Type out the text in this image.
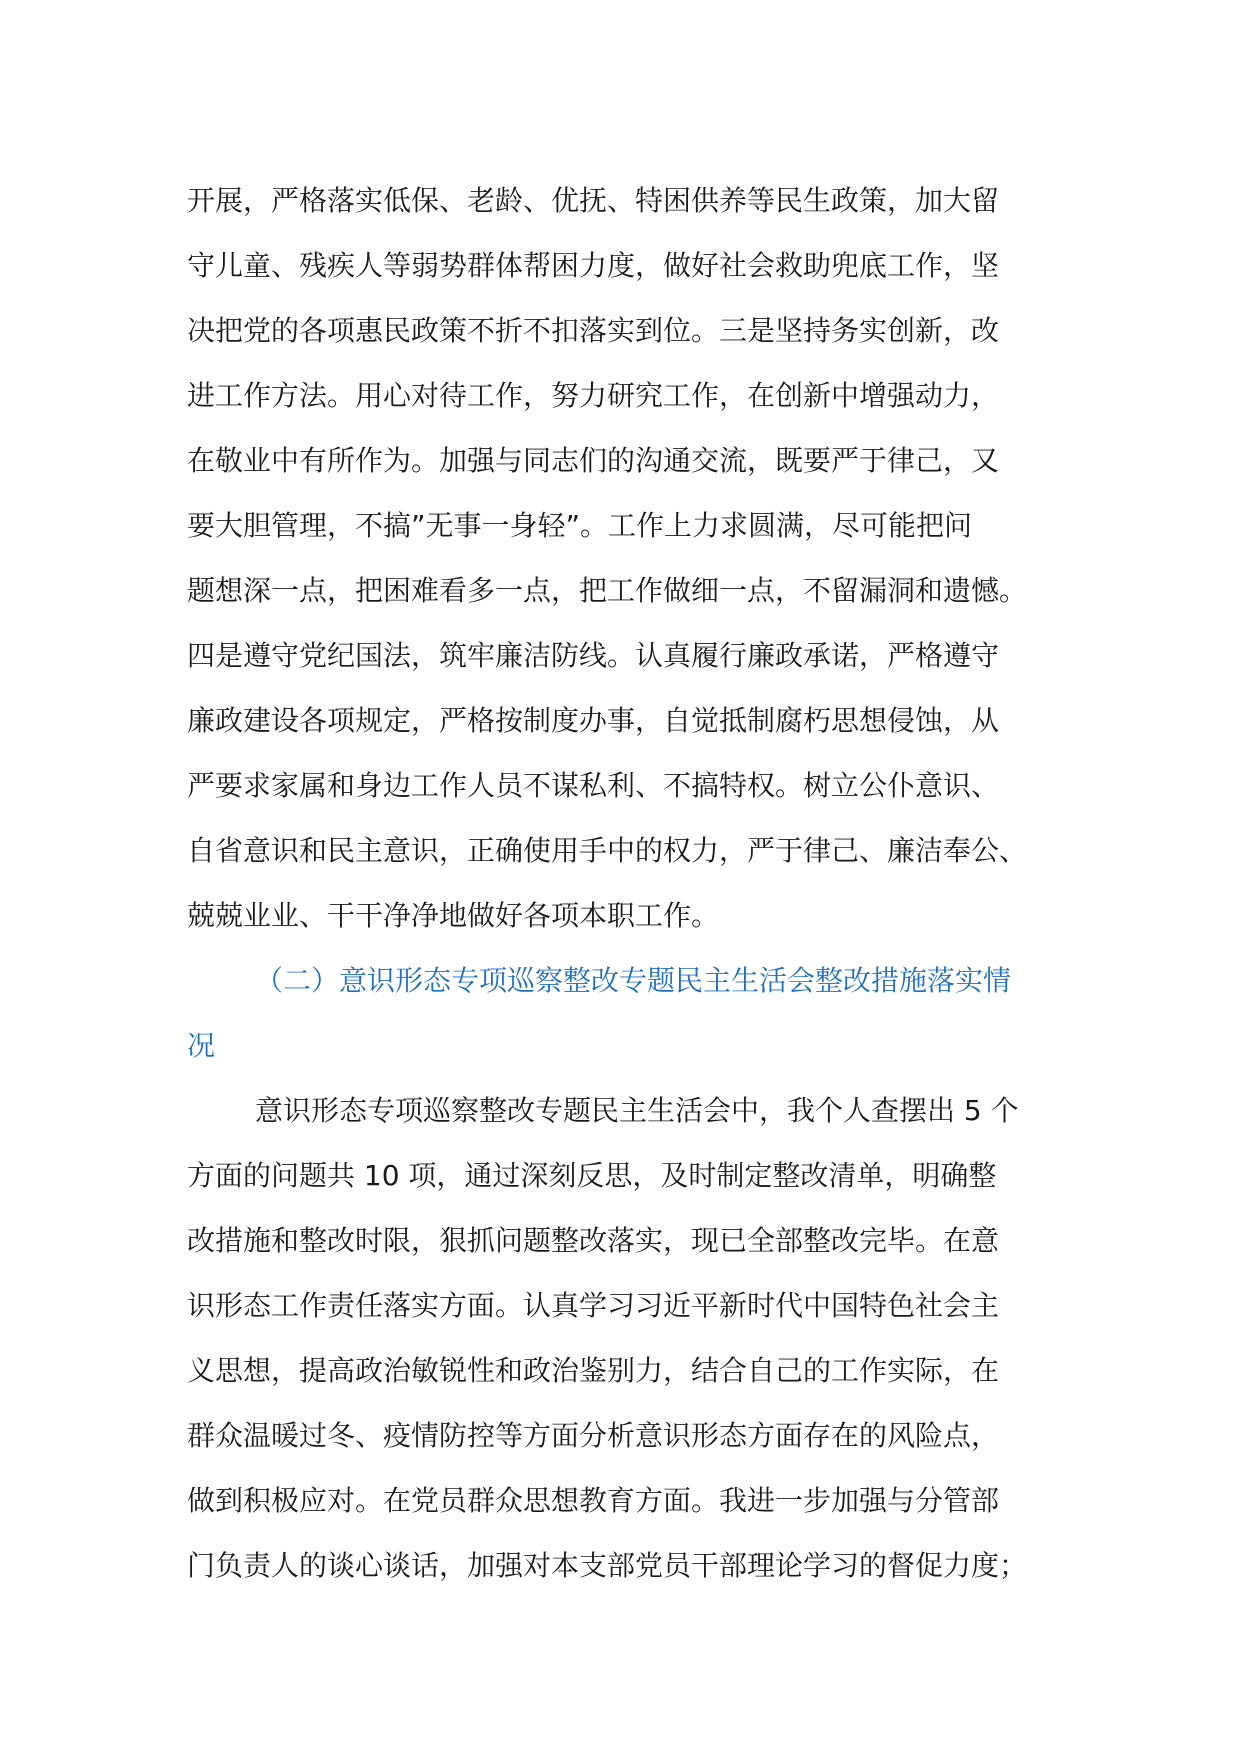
开展，严格落实低保、老龄、优抚、特困供养等民生政策，加大留
守儿童、残疾人等弱势群体帮困力度，做好社会救助兜底工作，坚
决把党的各项惠民政策不折不扣落实到位。三是坚持务实创新，改
进工作方法。用心对待工作，努力研究工作，在创新中增强动力，
在敬业中有所作为。加强与同志们的沟通交流，既要严于律己，又
要大胆管理，不搞”无事一身轻”。工作上力求圆满，尽可能把问
题想深一点，把困难看多一点，把工作做细一点，不留漏洞和遗憾。
四是遵守党纪国法，筑牢廉洁防线。认真履行廉政承诺，严格遵守
廉政建设各项规定，严格按制度办事，自觉抵制腐朽思想侵蚀，从
严要求家属和身边工作人员不谋私利、不搞特权。树立公仆意识、
自省意识和民主意识，正确使用手中的权力，严于律己、廉洁奉公、
兢兢业业、干干净净地做好各项本职工作。
（二）意识形态专项巡察整改专题民主生活会整改措施落实情
况
意识形态专项巡察整改专题民主生活会中，我个人查摆出 5 个
方面的问题共 10 项，通过深刻反思，及时制定整改清单，明确整
改措施和整改时限，狠抓问题整改落实，现已全部整改完毕。在意
识形态工作责任落实方面。认真学习习近平新时代中国特色社会主
义思想，提高政治敏锐性和政治鉴别力，结合自己的工作实际，在
群众温暖过冬、疫情防控等方面分析意识形态方面存在的风险点，
做到积极应对。在党员群众思想教育方面。我进一步加强与分管部
门负责人的谈心谈话，加强对本支部党员干部理论学习的督促力度；
